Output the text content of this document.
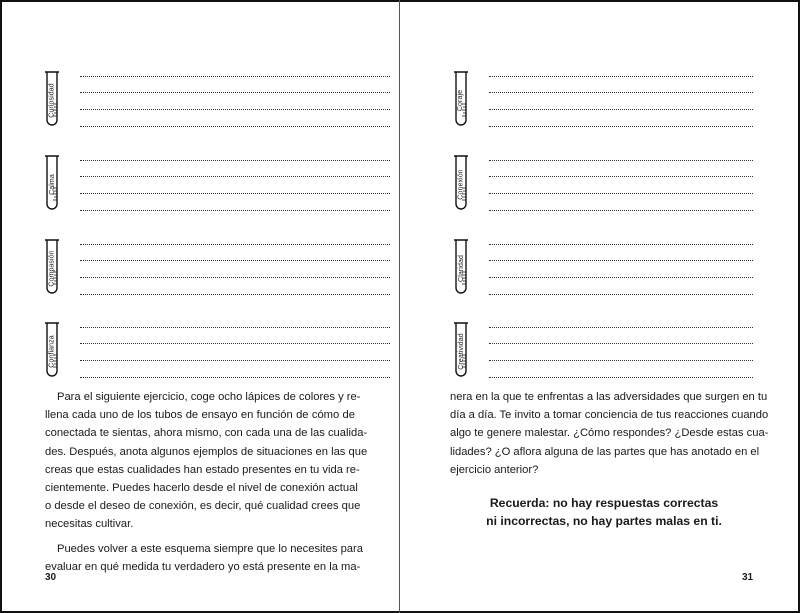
Curiosidad
Calma
Compasión
Confianza
Para el siguiente ejercicio, coge ocho lápices de colores y re-
llena cada uno de los tubos de ensayo en función de cómo de
conectada te sientas, ahora mismo, con cada una de las cualida-
des. Después, anota algunos ejemplos de situaciones en las que
creas que estas cualidades han estado presentes en tu vida re-
cientemente. Puedes hacerlo desde el nivel de conexión actual
o desde el deseo de conexión, es decir, qué cualidad crees que
necesitas cultivar.
Puedes volver a este esquema siempre que lo necesites para
evaluar en qué medida tu verdadero yo está presente en la ma-
30
Coraje
Conexión
Claridad
Creatividad
nera en la que te enfrentas a las adversidades que surgen en tu
día a día. Te invito a tomar conciencia de tus reacciones cuando
algo te genere malestar. ¿Cómo respondes? ¿Desde estas cua-
lidades? ¿O aflora alguna de las partes que has anotado en el
ejercicio anterior?
Recuerda: no hay respuestas correctas
ni incorrectas, no hay partes malas en ti.
31
